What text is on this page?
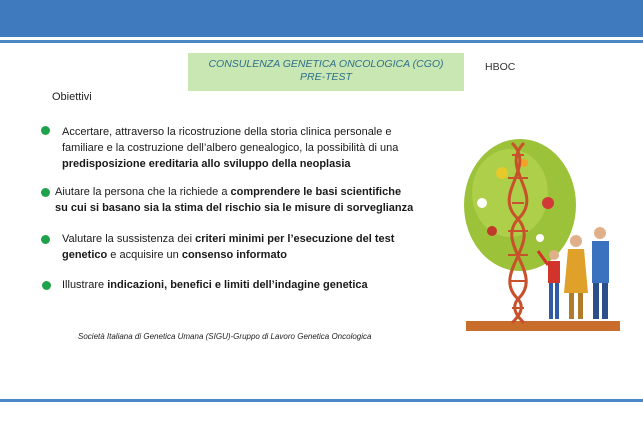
CONSULENZA GENETICA ONCOLOGICA (CGO)
PRE-TEST
HBOC
Obiettivi
Accertare, attraverso la ricostruzione della storia clinica personale e
familiare e la costruzione dell’albero genealogico, la possibilità di una
predisposizione ereditaria allo sviluppo della neoplasia
Aiutare la persona che la richiede a comprendere le basi scientifiche
su cui si basano sia la stima del rischio sia le misure di sorveglianza
Valutare la sussistenza dei criteri minimi per l’esecuzione del test
genetico e acquisire un consenso informato
Illustrare indicazioni, benefici e limiti dell’indagine genetica
Società Italiana di Genetica Umana (SIGU)-Gruppo di Lavoro Genetica Oncologica
